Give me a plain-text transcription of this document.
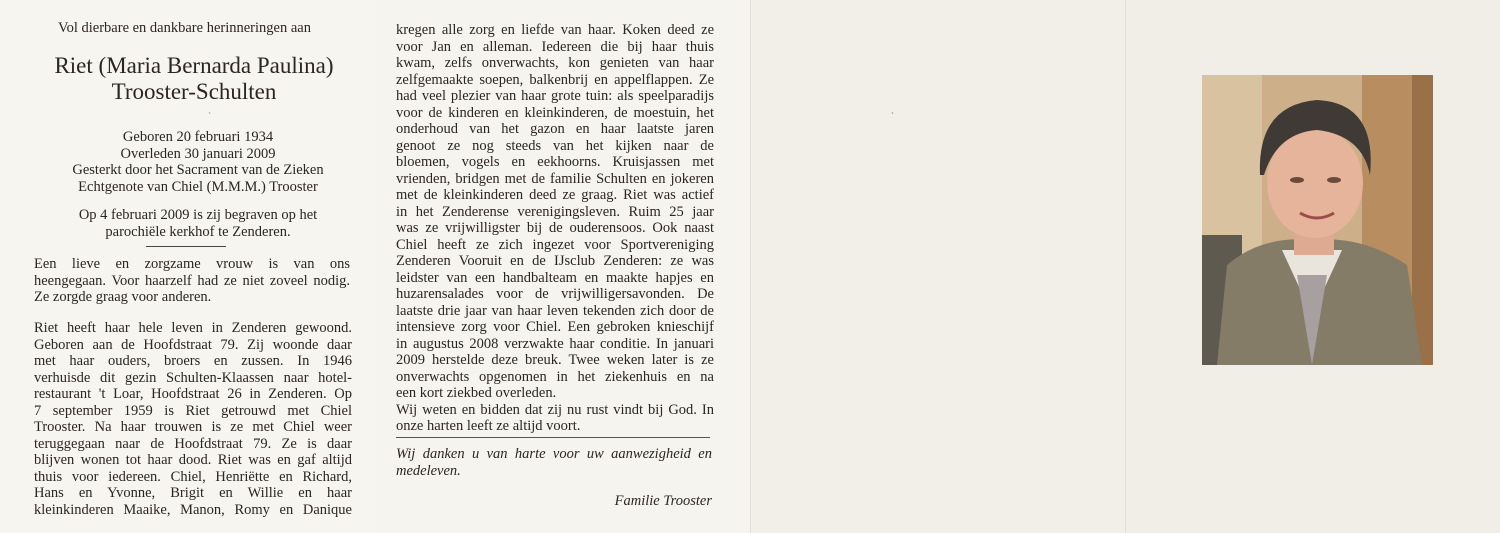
Vol dierbare en dankbare herinneringen aan
Riet (Maria Bernarda Paulina)
Trooster-Schulten
`
Geboren 20 februari 1934
Overleden 30 januari 2009
Gesterkt door het Sacrament van de Zieken
Echtgenote van Chiel (M.M.M.) Trooster
Op 4 februari 2009 is zij begraven op het
parochiële kerkhof te Zenderen.
Een lieve en zorgzame vrouw is van ons
heengegaan. Voor haarzelf had ze niet zoveel nodig.
Ze zorgde graag voor anderen.
Riet heeft haar hele leven in Zenderen gewoond.
Geboren aan de Hoofdstraat 79. Zij woonde daar
met haar ouders, broers en zussen. In 1946
verhuisde dit gezin Schulten-Klaassen naar hotel-
restaurant 't Loar, Hoofdstraat 26 in Zenderen. Op
7 september 1959 is Riet getrouwd met Chiel
Trooster. Na haar trouwen is ze met Chiel weer
teruggegaan naar de Hoofdstraat 79. Ze is daar
blijven wonen tot haar dood. Riet was en gaf altijd
thuis voor iedereen. Chiel, Henriëtte en Richard,
Hans en Yvonne, Brigit en Willie en haar
kleinkinderen Maaike, Manon, Romy en Danique
kregen alle zorg en liefde van haar. Koken deed ze
voor Jan en alleman. Iedereen die bij haar thuis
kwam, zelfs onverwachts, kon genieten van haar
zelfgemaakte soepen, balkenbrij en appelflappen. Ze
had veel plezier van haar grote tuin: als speelparadijs
voor de kinderen en kleinkinderen, de moestuin, het
onderhoud van het gazon en haar laatste jaren
genoot ze nog steeds van het kijken naar de
bloemen, vogels en eekhoorns. Kruisjassen met
vrienden, bridgen met de familie Schulten en jokeren
met de kleinkinderen deed ze graag. Riet was actief
in het Zenderense verenigingsleven. Ruim 25 jaar
was ze vrijwilligster bij de ouderensoos. Ook naast
Chiel heeft ze zich ingezet voor Sportvereniging
Zenderen Vooruit en de IJsclub Zenderen: ze was
leidster van een handbalteam en maakte hapjes en
huzarensalades voor de vrijwilligersavonden. De
laatste drie jaar van haar leven tekenden zich door de
intensieve zorg voor Chiel. Een gebroken knieschijf
in augustus 2008 verzwakte haar conditie. In januari
2009 herstelde deze breuk. Twee weken later is ze
onverwachts opgenomen in het ziekenhuis en na
een kort ziekbed overleden.
Wij weten en bidden dat zij nu rust vindt bij God. In
onze harten leeft ze altijd voort.
Wij danken u van harte voor uw aanwezigheid en
medeleven.
Familie Trooster
`
